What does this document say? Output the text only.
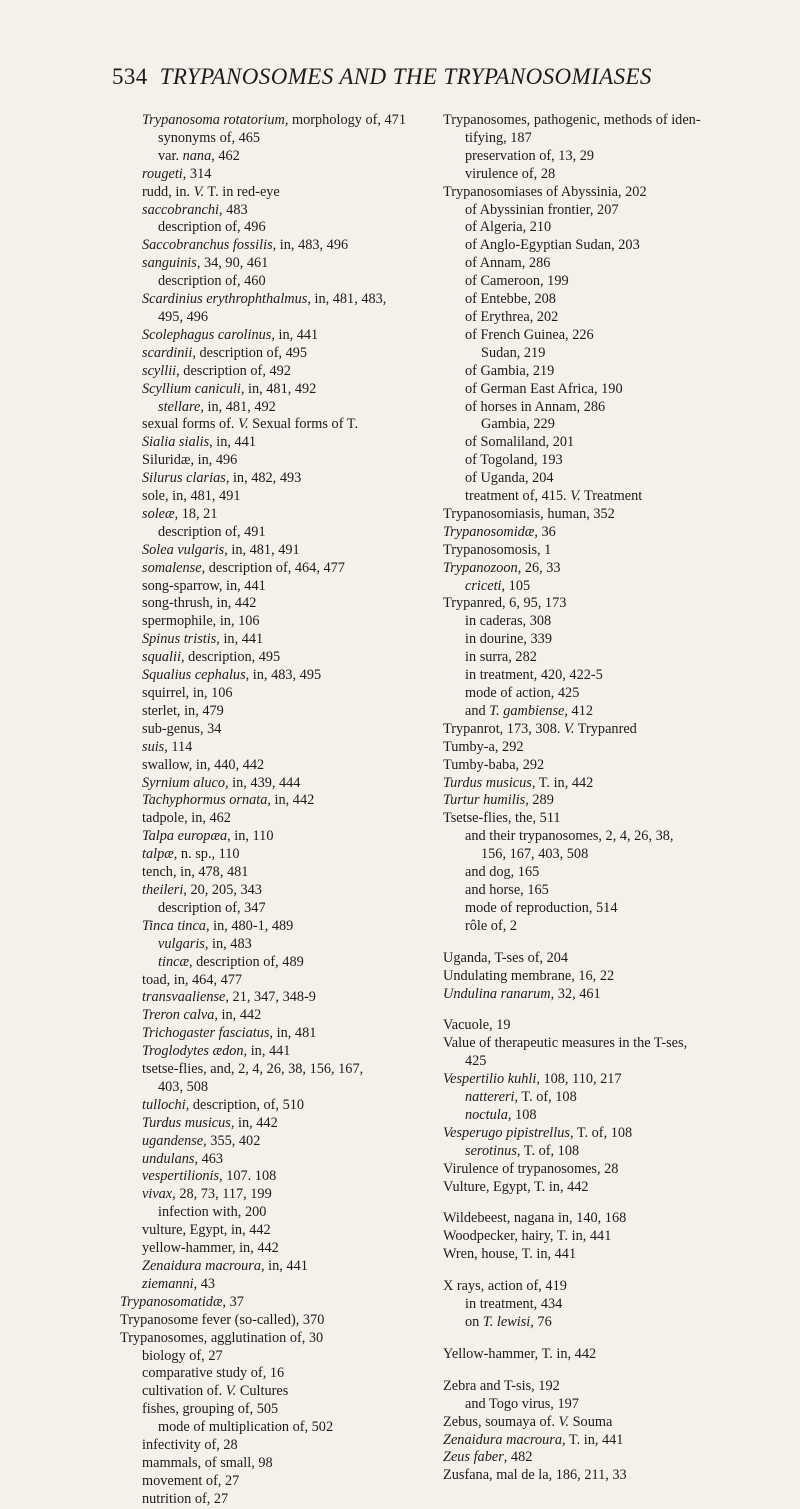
534 TRYPANOSOMES AND THE TRYPANOSOMIASES
Trypanosoma rotatorium, morphology of, 471
synonyms of, 465
var. nana, 462
rougeti, 314
rudd, in. V. T. in red-eye
saccobranchi, 483
description of, 496
Saccobranchus fossilis, in, 483, 496
sanguinis, 34, 90, 461
description of, 460
Scardinius erythrophthalmus, in, 481, 483,
495, 496
Scolephagus carolinus, in, 441
scardinii, description of, 495
scyllii, description of, 492
Scyllium caniculi, in, 481, 492
stellare, in, 481, 492
sexual forms of. V. Sexual forms of T.
Sialia sialis, in, 441
Siluridæ, in, 496
Silurus clarias, in, 482, 493
sole, in, 481, 491
soleæ, 18, 21
description of, 491
Solea vulgaris, in, 481, 491
somalense, description of, 464, 477
song-sparrow, in, 441
song-thrush, in, 442
spermophile, in, 106
Spinus tristis, in, 441
squalii, description, 495
Squalius cephalus, in, 483, 495
squirrel, in, 106
sterlet, in, 479
sub-genus, 34
suis, 114
swallow, in, 440, 442
Syrnium aluco, in, 439, 444
Tachyphormus ornata, in, 442
tadpole, in, 462
Talpa europæa, in, 110
talpæ, n. sp., 110
tench, in, 478, 481
theileri, 20, 205, 343
description of, 347
Tinca tinca, in, 480-1, 489
vulgaris, in, 483
tincæ, description of, 489
toad, in, 464, 477
transvaaliense, 21, 347, 348-9
Treron calva, in, 442
Trichogaster fasciatus, in, 481
Troglodytes ædon, in, 441
tsetse-flies, and, 2, 4, 26, 38, 156, 167,
403, 508
tullochi, description, of, 510
Turdus musicus, in, 442
ugandense, 355, 402
undulans, 463
vespertilionis, 107. 108
vivax, 28, 73, 117, 199
infection with, 200
vulture, Egypt, in, 442
yellow-hammer, in, 442
Zenaidura macroura, in, 441
ziemanni, 43
Trypanosomatidæ, 37
Trypanosome fever (so-called), 370
Trypanosomes, agglutination of, 30
biology of, 27
comparative study of, 16
cultivation of. V. Cultures
fishes, grouping of, 505
mode of multiplication of, 502
infectivity of, 28
mammals, of small, 98
movement of, 27
nutrition of, 27
Trypanosomes, pathogenic, methods of iden-
tifying, 187
preservation of, 13, 29
virulence of, 28
Trypanosomiases of Abyssinia, 202
of Abyssinian frontier, 207
of Algeria, 210
of Anglo-Egyptian Sudan, 203
of Annam, 286
of Cameroon, 199
of Entebbe, 208
of Erythrea, 202
of French Guinea, 226
Sudan, 219
of Gambia, 219
of German East Africa, 190
of horses in Annam, 286
Gambia, 229
of Somaliland, 201
of Togoland, 193
of Uganda, 204
treatment of, 415. V. Treatment
Trypanosomiasis, human, 352
Trypanosomidæ, 36
Trypanosomosis, 1
Trypanozoon, 26, 33
criceti, 105
Trypanred, 6, 95, 173
in caderas, 308
in dourine, 339
in surra, 282
in treatment, 420, 422-5
mode of action, 425
and T. gambiense, 412
Trypanrot, 173, 308. V. Trypanred
Tumby-a, 292
Tumby-baba, 292
Turdus musicus, T. in, 442
Turtur humilis, 289
Tsetse-flies, the, 511
and their trypanosomes, 2, 4, 26, 38,
156, 167, 403, 508
and dog, 165
and horse, 165
mode of reproduction, 514
rôle of, 2
Uganda, T-ses of, 204
Undulating membrane, 16, 22
Undulina ranarum, 32, 461
Vacuole, 19
Value of therapeutic measures in the T-ses,
425
Vespertilio kuhli, 108, 110, 217
nattereri, T. of, 108
noctula, 108
Vesperugo pipistrellus, T. of, 108
serotinus, T. of, 108
Virulence of trypanosomes, 28
Vulture, Egypt, T. in, 442
Wildebeest, nagana in, 140, 168
Woodpecker, hairy, T. in, 441
Wren, house, T. in, 441
X rays, action of, 419
in treatment, 434
on T. lewisi, 76
Yellow-hammer, T. in, 442
Zebra and T-sis, 192
and Togo virus, 197
Zebus, soumaya of. V. Souma
Zenaidura macroura, T. in, 441
Zeus faber, 482
Zusfana, mal de la, 186, 211, 33
